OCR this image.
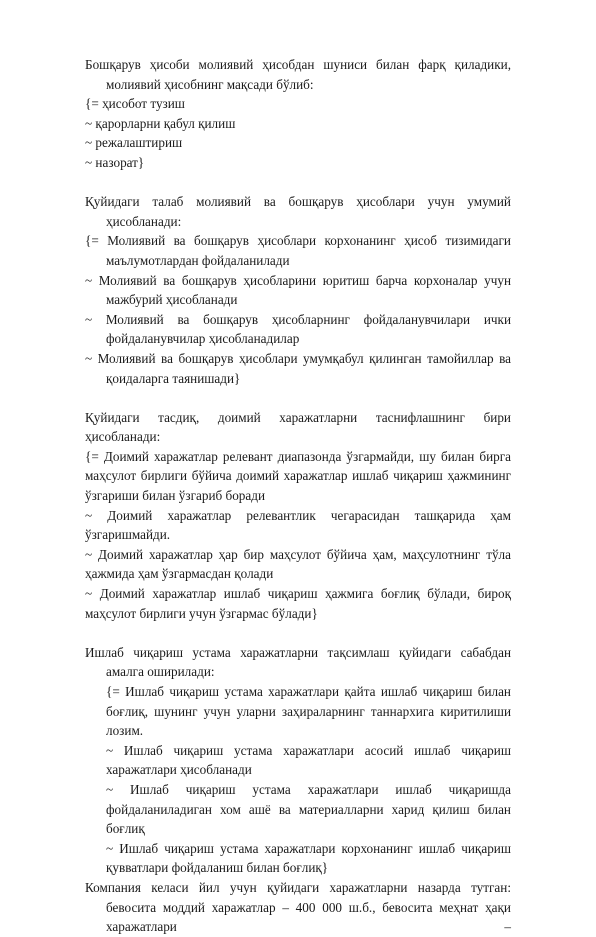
Бошқарув ҳисоби молиявий ҳисобдан шуниси билан фарқ қиладики, молиявий ҳисобнинг мақсади бўлиб:

{= ҳисобот тузиш

~ қарорларни қабул қилиш

~ режалаштириш

~ назорат}

Қуйидаги талаб молиявий ва бошқарув ҳисоблари учун умумий ҳисобланади:

{= Молиявий ва бошқарув ҳисоблари корхонанинг ҳисоб тизимидаги маълумотлардан фойдаланилади

~ Молиявий ва бошқарув ҳисобларини юритиш барча корхоналар учун мажбурий ҳисобланади

~ Молиявий ва бошқарув ҳисобларнинг фойдаланувчилари ички фойдаланувчилар ҳисобланадилар

~ Молиявий ва бошқарув ҳисоблари умумқабул қилинган тамойиллар ва қоидаларга таянишади}

Қуйидаги тасдиқ, доимий харажатларни таснифлашнинг бири ҳисобланади:

{= Доимий харажатлар релевант диапазонда ўзгармайди, шу билан бирга маҳсулот бирлиги бўйича доимий харажатлар ишлаб чиқариш ҳажмининг ўзгариши билан ўзгариб боради

~ Доимий харажатлар релевантлик чегарасидан ташқарида ҳам ўзгаришмайди.

~ Доимий харажатлар ҳар бир маҳсулот бўйича ҳам, маҳсулотнинг тўла ҳажмида ҳам ўзгармасдан қолади

~ Доимий харажатлар ишлаб чиқариш ҳажмига боғлиқ бўлади, бироқ маҳсулот бирлиги учун ўзгармас бўлади}

Ишлаб чиқариш устама харажатларни тақсимлаш қуйидаги сабабдан амалга оширилади:

{= Ишлаб чиқариш устама харажатлари қайта ишлаб чиқариш билан боғлиқ, шунинг учун уларни заҳираларнинг таннархига киритилиши лозим.

~ Ишлаб чиқариш устама харажатлари асосий ишлаб чиқариш харажатлари ҳисобланади

~ Ишлаб чиқариш устама харажатлари ишлаб чиқаришда фойдаланиладиган хом ашё ва материалларни харид қилиш билан боғлиқ

~ Ишлаб чиқариш устама харажатлари корхонанинг ишлаб чиқариш қувватлари фойдаланиш билан боғлиқ}

Компания келаси йил учун қуйидаги харажатларни назарда тутган: бевосита моддий харажатлар – 400 000 ш.б., бевосита меҳнат ҳақи харажатлари –
